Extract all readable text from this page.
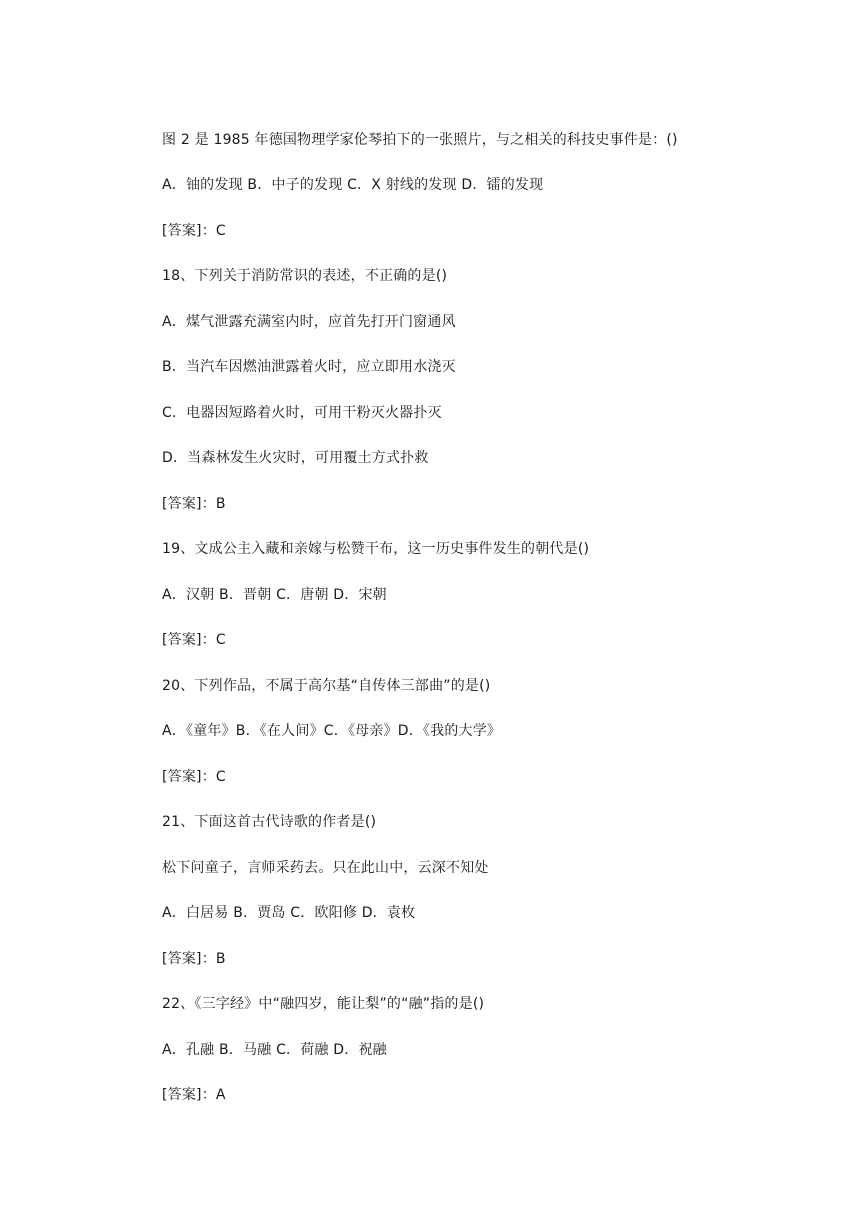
图 2 是 1985 年德国物理学家伦琴拍下的一张照片，与之相关的科技史事件是：()
A．铀的发现 B．中子的发现 C．X 射线的发现 D．镭的发现
[答案]：C
18、下列关于消防常识的表述，不正确的是()
A．煤气泄露充满室内时，应首先打开门窗通风
B．当汽车因燃油泄露着火时，应立即用水浇灭
C．电器因短路着火时，可用干粉灭火器扑灭
D．当森林发生火灾时，可用覆土方式扑救
[答案]：B
19、文成公主入藏和亲嫁与松赞干布，这一历史事件发生的朝代是()
A．汉朝 B．晋朝 C．唐朝 D．宋朝
[答案]：C
20、下列作品，不属于高尔基“自传体三部曲”的是()
A．《童年》B．《在人间》C．《母亲》D．《我的大学》
[答案]：C
21、下面这首古代诗歌的作者是()
松下问童子，言师采药去。只在此山中，云深不知处
A．白居易 B．贾岛 C．欧阳修 D．袁枚
[答案]：B
22、《三字经》中“融四岁，能让梨”的“融”指的是()
A．孔融 B．马融 C．荷融 D．祝融
[答案]：A
